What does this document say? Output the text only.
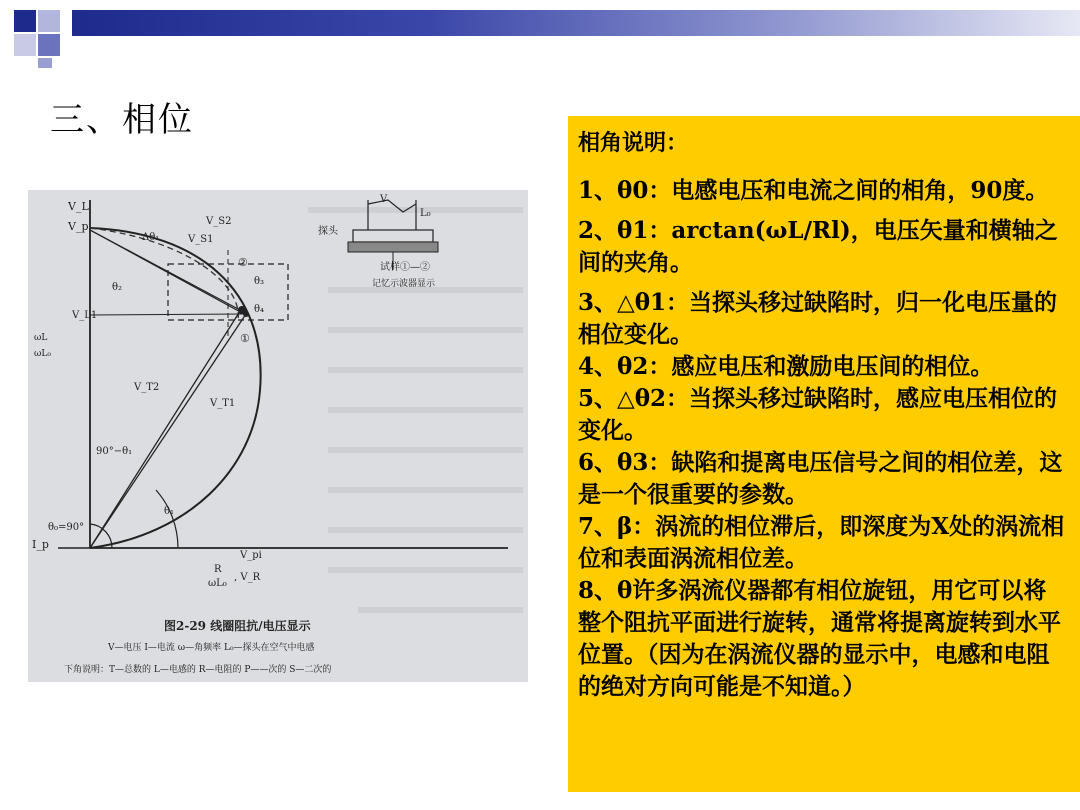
三、相位
V_L
V_p	V_S2
V_S1
V_L1
V_T2
V_T1
V_pi
I_p
θ₀=90°
θ₁
θ₂
θ₃
θ₄
Δθ₁
90°−θ₁
②
①
R
ωL₀
, V_R
ωL
ωL₀
V
L₀
探头
试样①—②
记忆示波器显示
图2-29 线圈阻抗/电压显示
V—电压 I—电流 ω—角频率 L₀—探头在空气中电感
下角说明：T—总数的 L—电感的 R—电阻的 P——次的 S—二次的
相角说明：
1、θ0：电感电压和电流之间的相角，90度。
2、θ1：arctan(ωL/Rl)，电压矢量和横轴之间的夹角。
3、△θ1：当探头移过缺陷时，归一化电压量的相位变化。
4、θ2：感应电压和激励电压间的相位。
5、△θ2：当探头移过缺陷时，感应电压相位的变化。
6、θ3：缺陷和提离电压信号之间的相位差，这是一个很重要的参数。
7、β：涡流的相位滞后，即深度为X处的涡流相位和表面涡流相位差。
8、θ许多涡流仪器都有相位旋钮，用它可以将整个阻抗平面进行旋转，通常将提离旋转到水平位置。（因为在涡流仪器的显示中，电感和电阻的绝对方向可能是不知道。）
